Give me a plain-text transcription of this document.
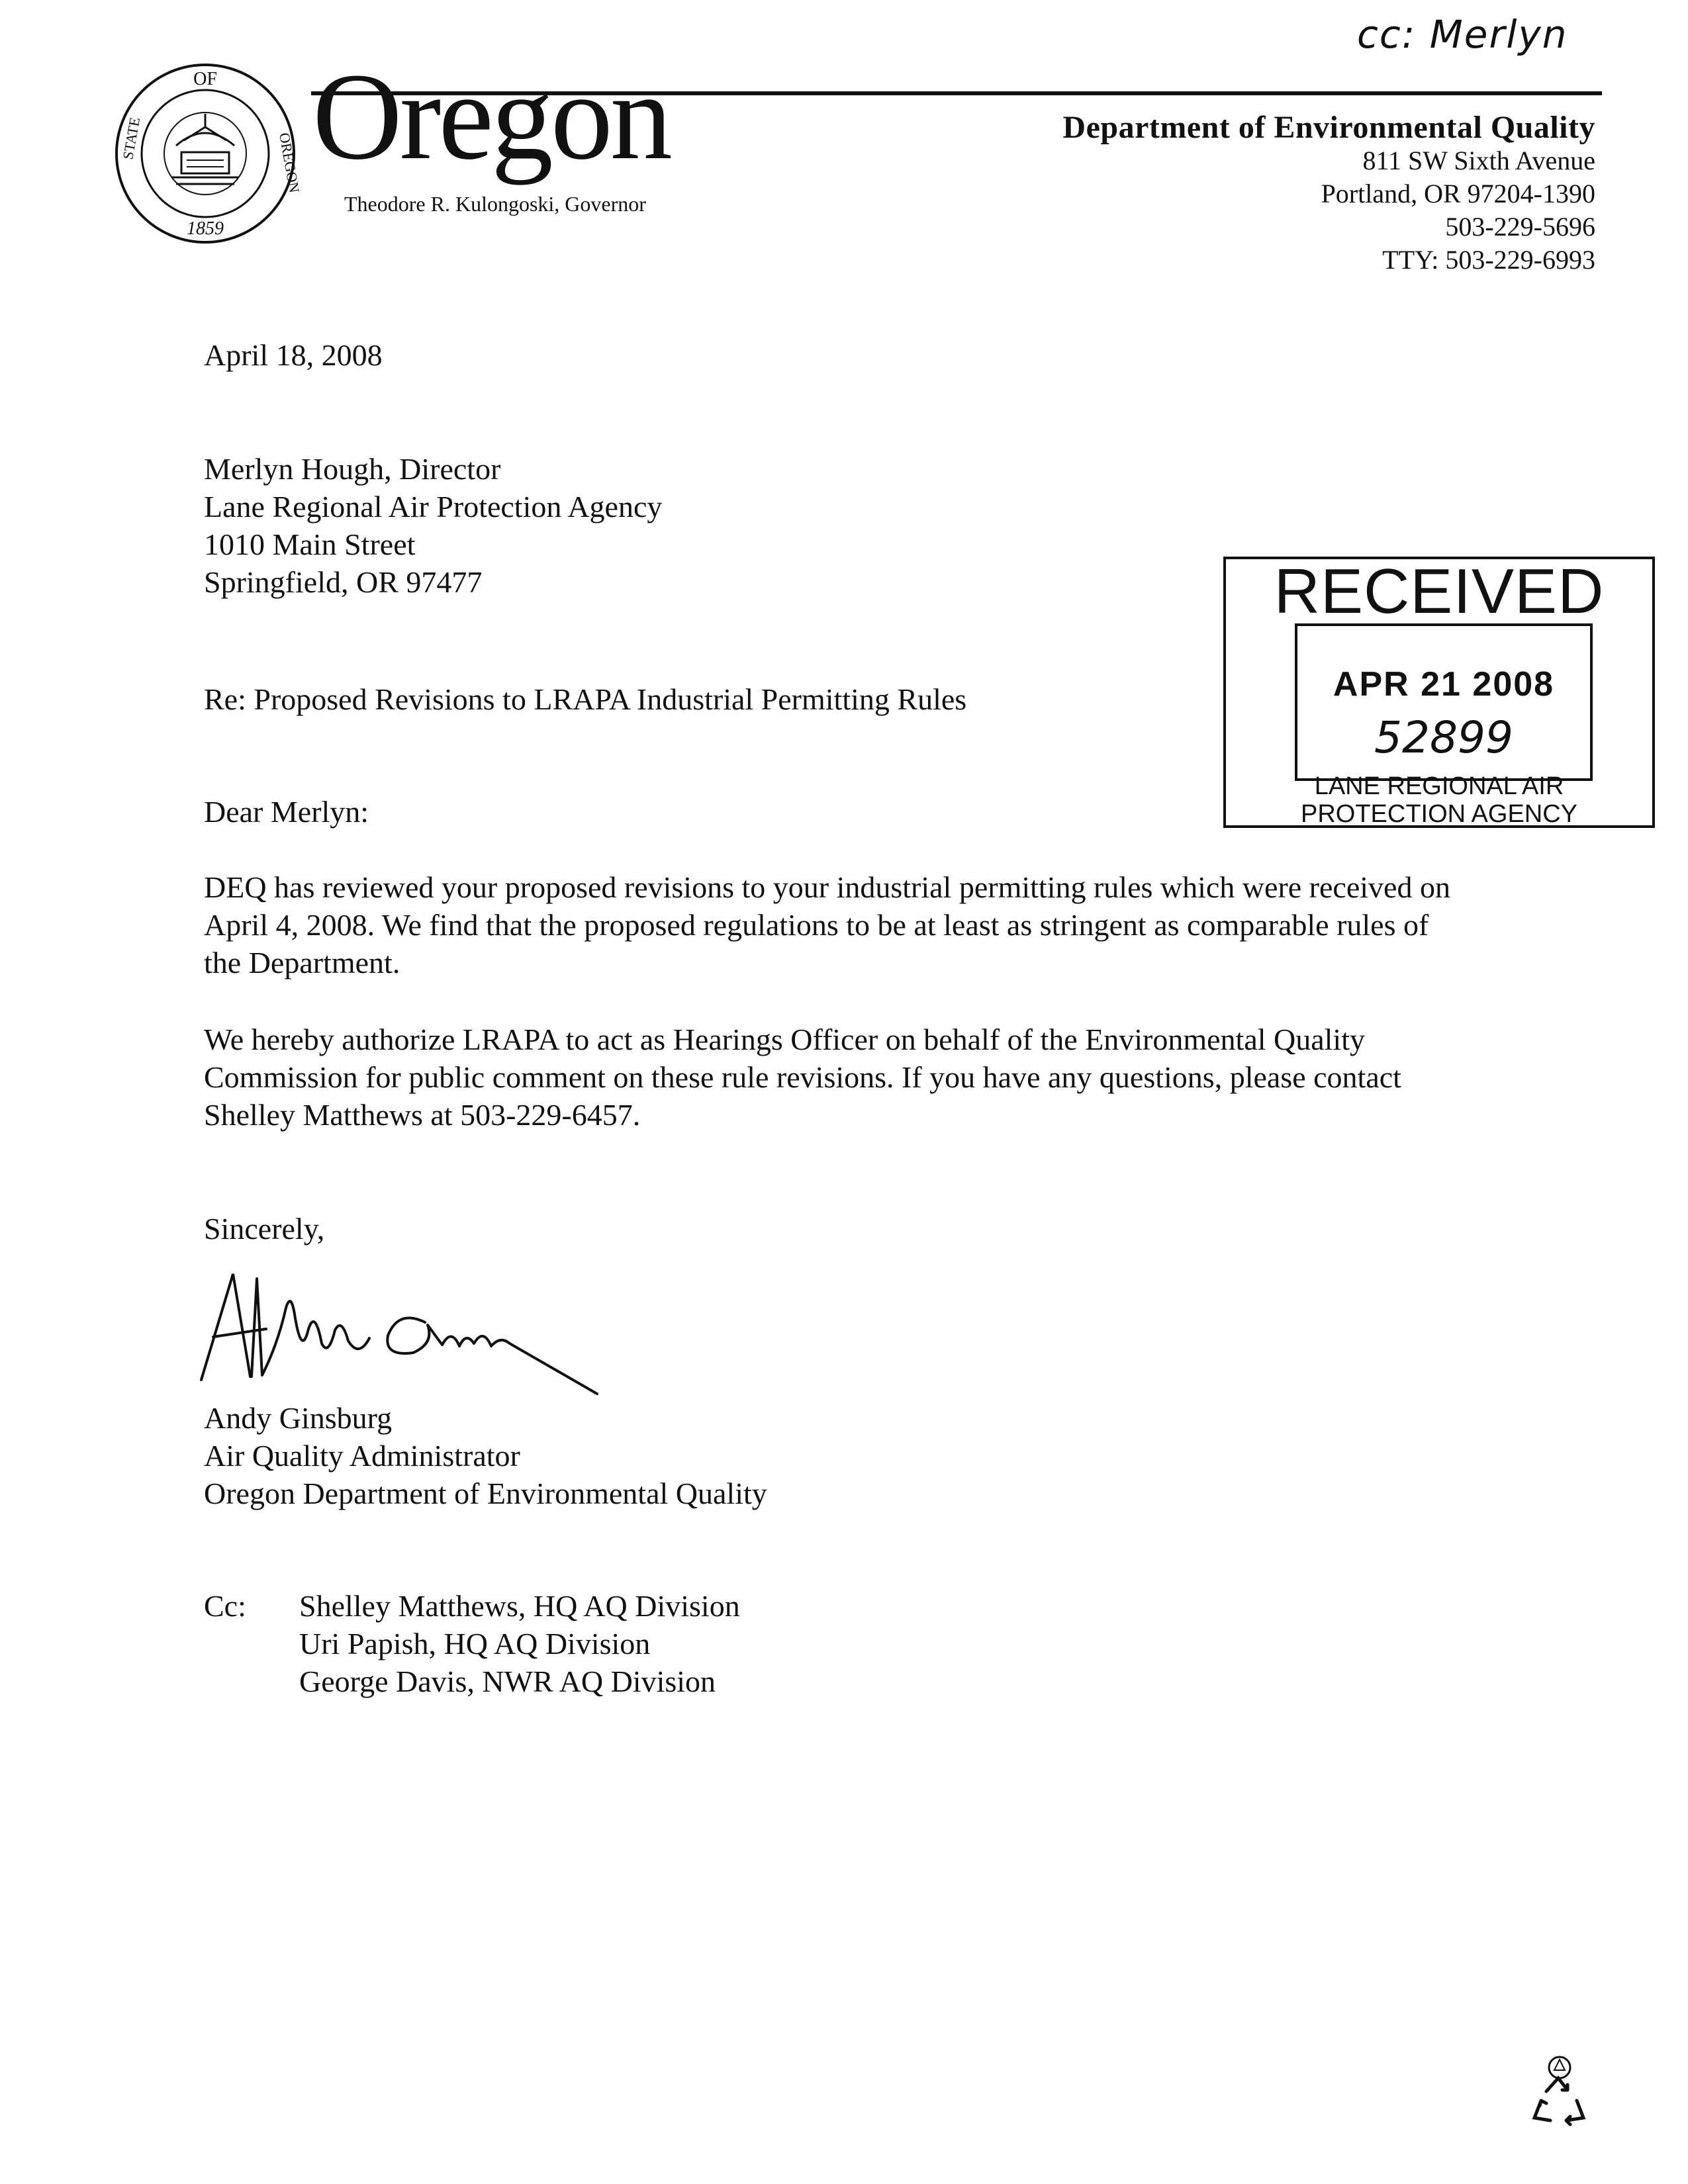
cc: Merlyn
OF
STATE	OREGON
1859
Oregon
Theodore R. Kulongoski, Governor
Department of Environmental Quality
811 SW Sixth Avenue
Portland, OR 97204-1390
503-229-5696
TTY: 503-229-6993
April 18, 2008
Merlyn Hough, Director
Lane Regional Air Protection Agency
1010 Main Street
Springfield, OR 97477
Re: Proposed Revisions to LRAPA Industrial Permitting Rules
Dear Merlyn:
DEQ has reviewed your proposed revisions to your industrial permitting rules which were received on April 4, 2008. We find that the proposed regulations to be at least as stringent as comparable rules of the Department.
We hereby authorize LRAPA to act as Hearings Officer on behalf of the Environmental Quality Commission for public comment on these rule revisions. If you have any questions, please contact Shelley Matthews at 503-229-6457.
Sincerely,
Andy Ginsburg
Air Quality Administrator
Oregon Department of Environmental Quality
Cc: Shelley Matthews, HQ AQ Division
Uri Papish, HQ AQ Division
George Davis, NWR AQ Division
RECEIVED
APR 21 2008
52899
LANE REGIONAL AIR
PROTECTION AGENCY
